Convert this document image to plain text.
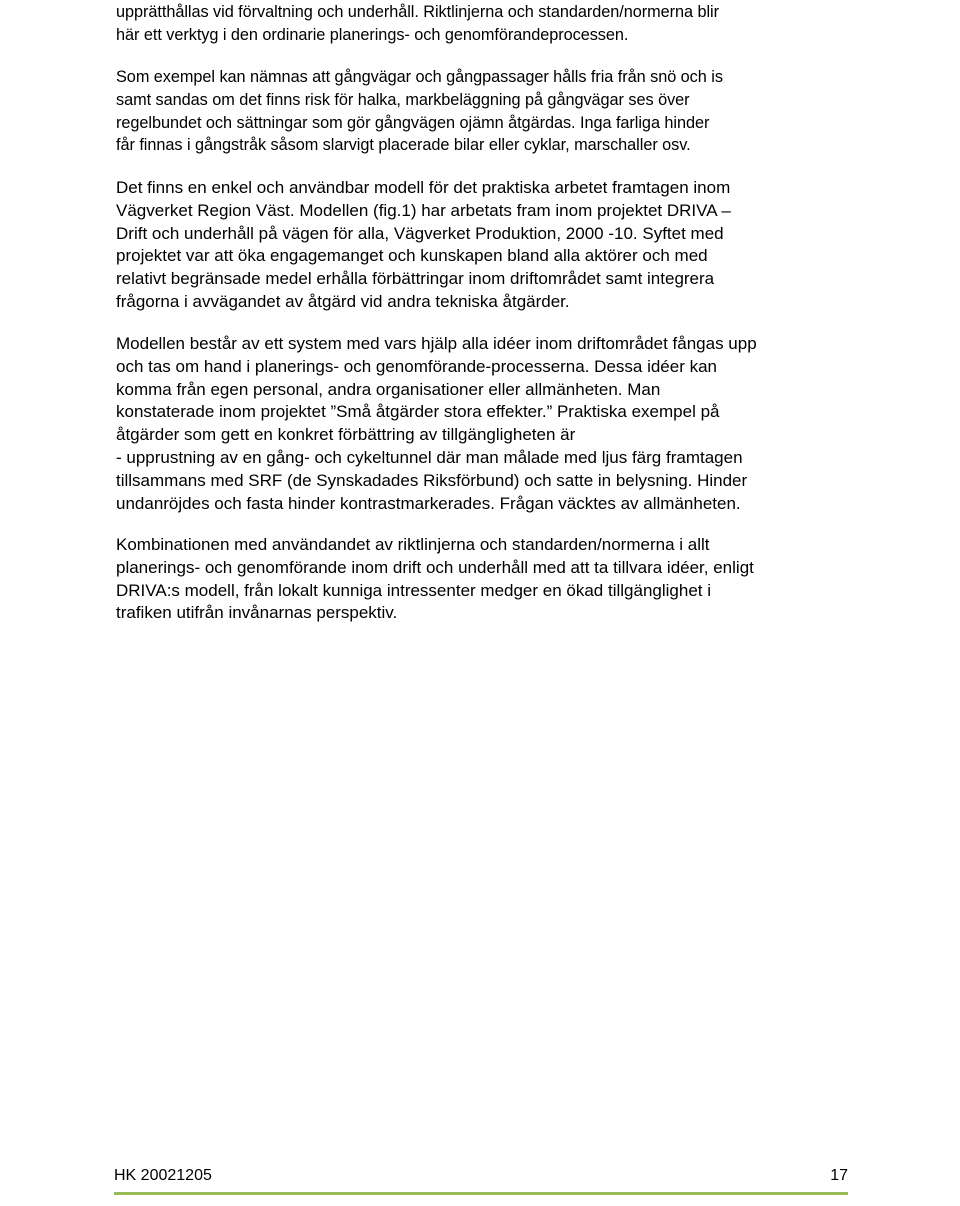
upprätthållas vid förvaltning och underhåll. Riktlinjerna och standarden/normerna blir
här ett verktyg i den ordinarie planerings- och genomförandeprocessen.

Som exempel kan nämnas att gångvägar och gångpassager hålls fria från snö och is
samt sandas om det finns risk för halka, markbeläggning på gångvägar ses över
regelbundet och sättningar som gör gångvägen ojämn åtgärdas. Inga farliga hinder
får finnas i gångstråk såsom slarvigt placerade bilar eller cyklar, marschaller osv.

Det finns en enkel och användbar modell för det praktiska arbetet framtagen inom
Vägverket Region Väst. Modellen (fig.1) har arbetats fram inom projektet DRIVA –
Drift och underhåll på vägen för alla, Vägverket Produktion, 2000 -10. Syftet med
projektet var att öka engagemanget och kunskapen bland alla aktörer och med
relativt begränsade medel erhålla förbättringar inom driftområdet samt integrera
frågorna i avvägandet av åtgärd vid andra tekniska åtgärder.

Modellen består av ett system med vars hjälp alla idéer inom driftområdet fångas upp
och tas om hand i planerings- och genomförande-processerna. Dessa idéer kan
komma från egen personal, andra organisationer eller allmänheten. Man
konstaterade inom projektet ”Små åtgärder stora effekter.” Praktiska exempel på
åtgärder som gett en konkret förbättring av tillgängligheten är
- upprustning av en gång- och cykeltunnel där man målade med ljus färg framtagen
tillsammans med SRF (de Synskadades Riksförbund) och satte in belysning. Hinder
undanröjdes och fasta hinder kontrastmarkerades. Frågan väcktes av allmänheten.

Kombinationen med användandet av riktlinjerna och standarden/normerna i allt
planerings- och genomförande inom drift och underhåll med att ta tillvara idéer, enligt
DRIVA:s modell, från lokalt kunniga intressenter medger en ökad tillgänglighet i
trafiken utifrån invånarnas perspektiv.

HK 20021205	17
